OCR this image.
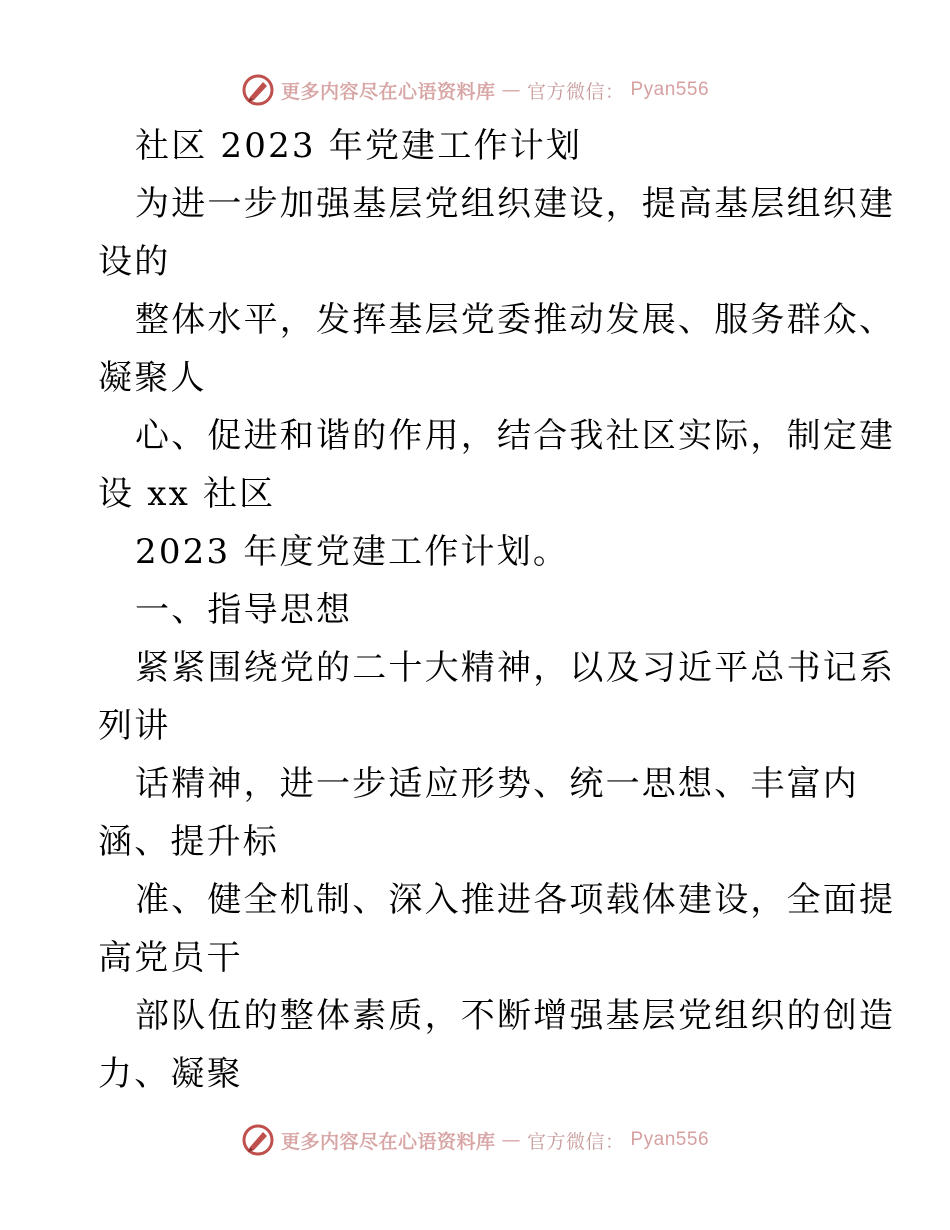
更多内容尽在心语资料库 — 官方微信： Pyan556
社区 2023 年党建工作计划
为进一步加强基层党组织建设，提高基层组织建
设的
整体水平，发挥基层党委推动发展、服务群众、
凝聚人
心、促进和谐的作用，结合我社区实际，制定建
设 xx 社区
2023 年度党建工作计划。
一、指导思想
紧紧围绕党的二十大精神，以及习近平总书记系
列讲
话精神，进一步适应形势、统一思想、丰富内
涵、提升标
准、健全机制、深入推进各项载体建设，全面提
高党员干
部队伍的整体素质，不断增强基层党组织的创造
力、凝聚
更多内容尽在心语资料库 — 官方微信： Pyan556
